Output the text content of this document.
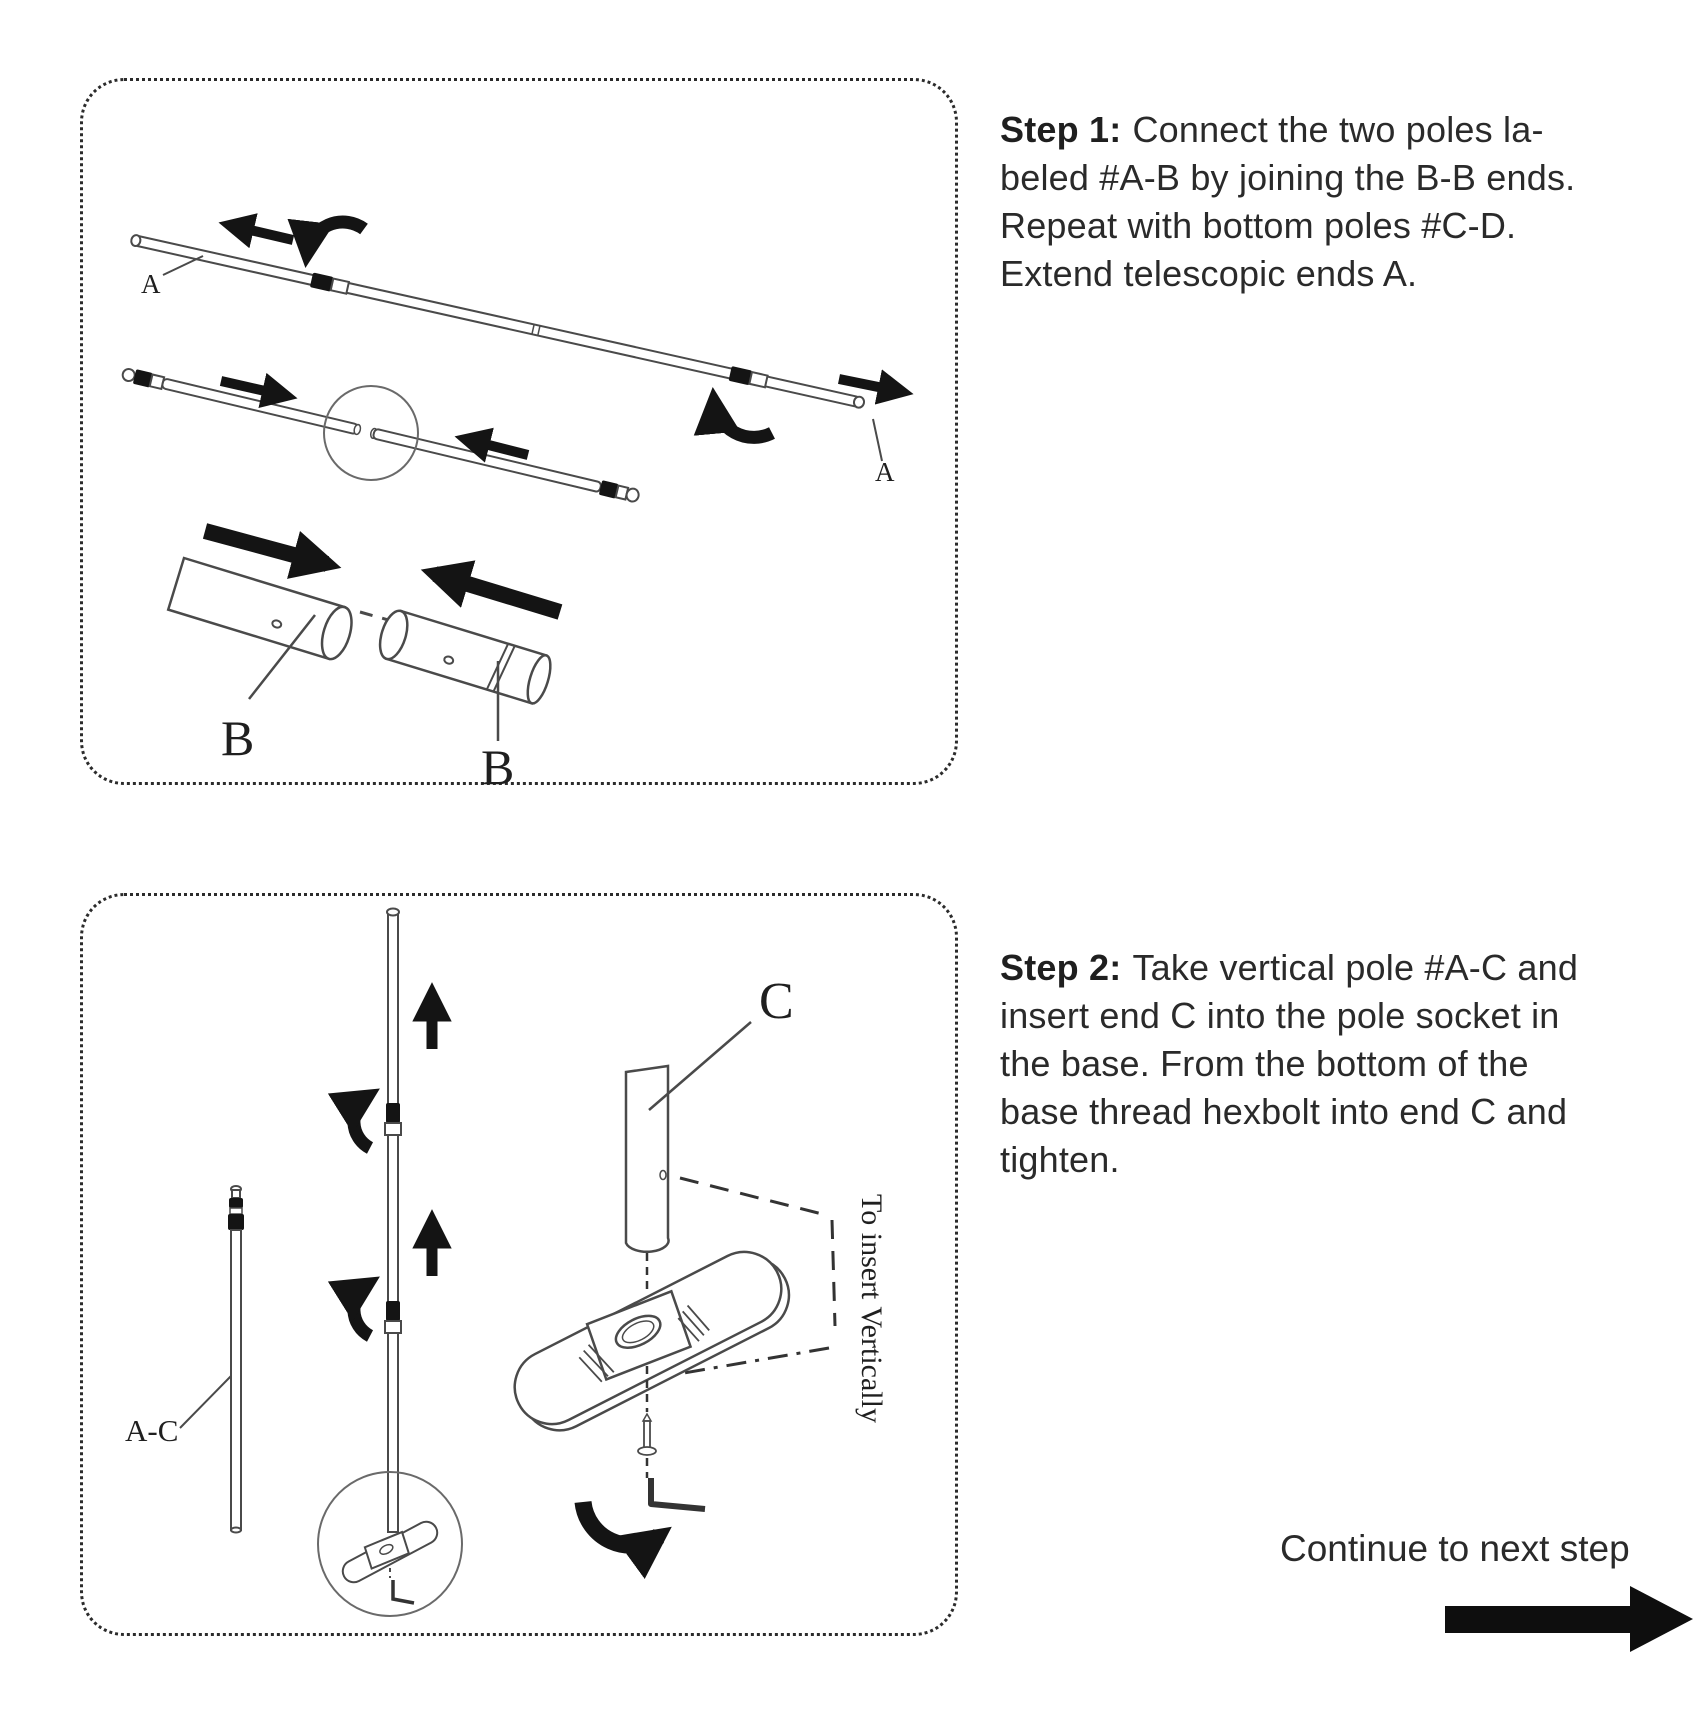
A
A
B
B
Step 1: Connect the two poles la-
beled #A-B by joining the B-B ends.
Repeat with bottom poles #C-D.
Extend telescopic ends A.
A-C
C
To insert Vertically
Step 2: Take vertical pole #A-C and
insert end C into the pole socket in
the base. From the bottom of the
base thread hexbolt into end C and
tighten.
Continue to next step
